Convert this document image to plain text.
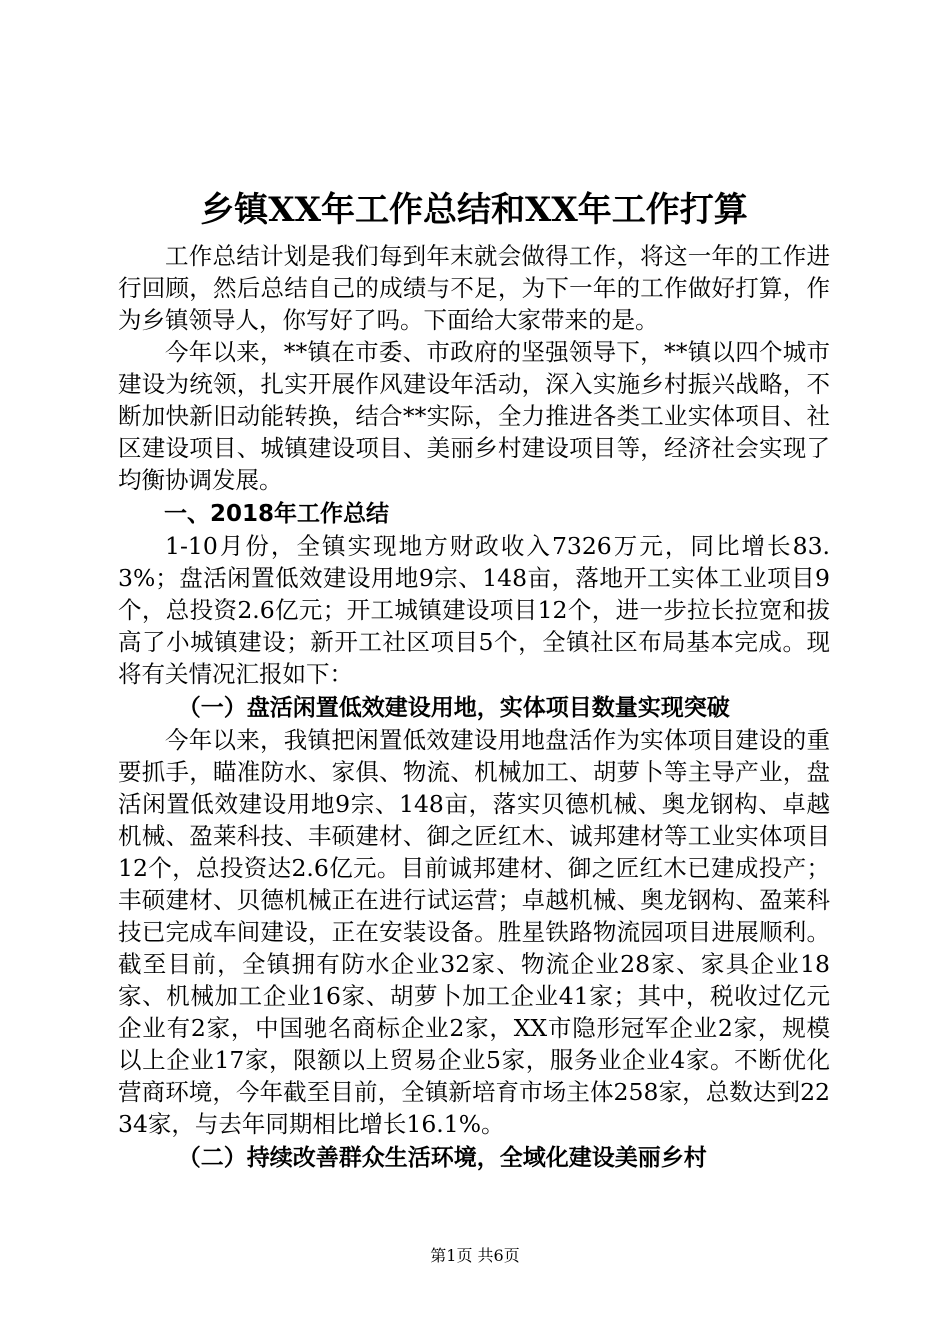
乡镇XX年工作总结和XX年工作打算

工作总结计划是我们每到年末就会做得工作，将这一年的工作进行回顾，然后总结自己的成绩与不足，为下一年的工作做好打算，作为乡镇领导人，你写好了吗。下面给大家带来的是。

今年以来，**镇在市委、市政府的坚强领导下，**镇以四个城市建设为统领，扎实开展作风建设年活动，深入实施乡村振兴战略，不断加快新旧动能转换，结合**实际，全力推进各类工业实体项目、社区建设项目、城镇建设项目、美丽乡村建设项目等，经济社会实现了均衡协调发展。

一、2018年工作总结

1-10月份，全镇实现地方财政收入7326万元，同比增长83.3%；盘活闲置低效建设用地9宗、148亩，落地开工实体工业项目9个，总投资2.6亿元；开工城镇建设项目12个，进一步拉长拉宽和拔高了小城镇建设；新开工社区项目5个，全镇社区布局基本完成。现将有关情况汇报如下：

（一）盘活闲置低效建设用地，实体项目数量实现突破

今年以来，我镇把闲置低效建设用地盘活作为实体项目建设的重要抓手，瞄准防水、家俱、物流、机械加工、胡萝卜等主导产业，盘活闲置低效建设用地9宗、148亩，落实贝德机械、奥龙钢构、卓越机械、盈莱科技、丰硕建材、御之匠红木、诚邦建材等工业实体项目12个，总投资达2.6亿元。目前诚邦建材、御之匠红木已建成投产；丰硕建材、贝德机械正在进行试运营；卓越机械、奥龙钢构、盈莱科技已完成车间建设，正在安装设备。胜星铁路物流园项目进展顺利。截至目前，全镇拥有防水企业32家、物流企业28家、家具企业18家、机械加工企业16家、胡萝卜加工企业41家；其中，税收过亿元企业有2家，中国驰名商标企业2家，XX市隐形冠军企业2家，规模以上企业17家，限额以上贸易企业5家，服务业企业4家。不断优化营商环境，今年截至目前，全镇新培育市场主体258家，总数达到2234家，与去年同期相比增长16.1%。

（二）持续改善群众生活环境，全域化建设美丽乡村

第1页 共6页
